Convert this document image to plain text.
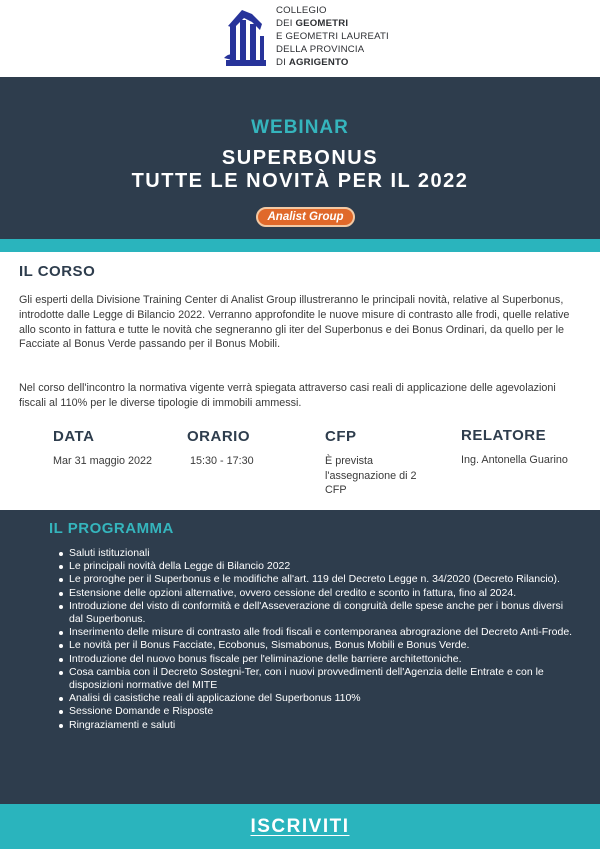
COLLEGIO
DEI GEOMETRI
E GEOMETRI LAUREATI
DELLA PROVINCIA
DI AGRIGENTO
WEBINAR
SUPERBONUS
TUTTE LE NOVITÀ PER IL 2022
Analist Group
IL CORSO
Gli esperti della Divisione Training Center di Analist Group illustreranno le principali novità, relative al Superbonus, introdotte dalle Legge di Bilancio 2022. Verranno approfondite le nuove misure di contrasto alle frodi, quelle relative allo sconto in fattura e tutte le novità che segneranno gli iter del Superbonus e dei Bonus Ordinari, da quello per le Facciate al Bonus Verde passando per il Bonus Mobili.
Nel corso dell'incontro la normativa vigente verrà spiegata attraverso casi reali di applicazione delle agevolazioni fiscali al 110% per le diverse tipologie di immobili ammessi.
DATA
Mar 31 maggio 2022
ORARIO
15:30 - 17:30
CFP
È prevista l'assegnazione di 2 CFP
RELATORE
Ing. Antonella Guarino
IL PROGRAMMA
Saluti istituzionali
Le principali novità della Legge di Bilancio 2022
Le proroghe per il Superbonus e le modifiche all'art. 119 del Decreto Legge n. 34/2020 (Decreto Rilancio).
Estensione delle opzioni alternative, ovvero cessione del credito e sconto in fattura, fino al 2024.
Introduzione del visto di conformità e dell'Asseverazione di congruità delle spese anche per i bonus diversi dal Superbonus.
Inserimento delle misure di contrasto alle frodi fiscali e contemporanea abrograzione del Decreto Anti-Frode.
Le novità per il Bonus Facciate, Ecobonus, Sismabonus, Bonus Mobili e Bonus Verde.
Introduzione del nuovo bonus fiscale per l'eliminazione delle barriere architettoniche.
Cosa cambia con il Decreto Sostegni-Ter, con i nuovi provvedimenti dell'Agenzia delle Entrate e con le disposizioni normative del MITE
Analisi di casistiche reali di applicazione del Superbonus 110%
Sessione Domande e Risposte
Ringraziamenti e saluti
ISCRIVITI
